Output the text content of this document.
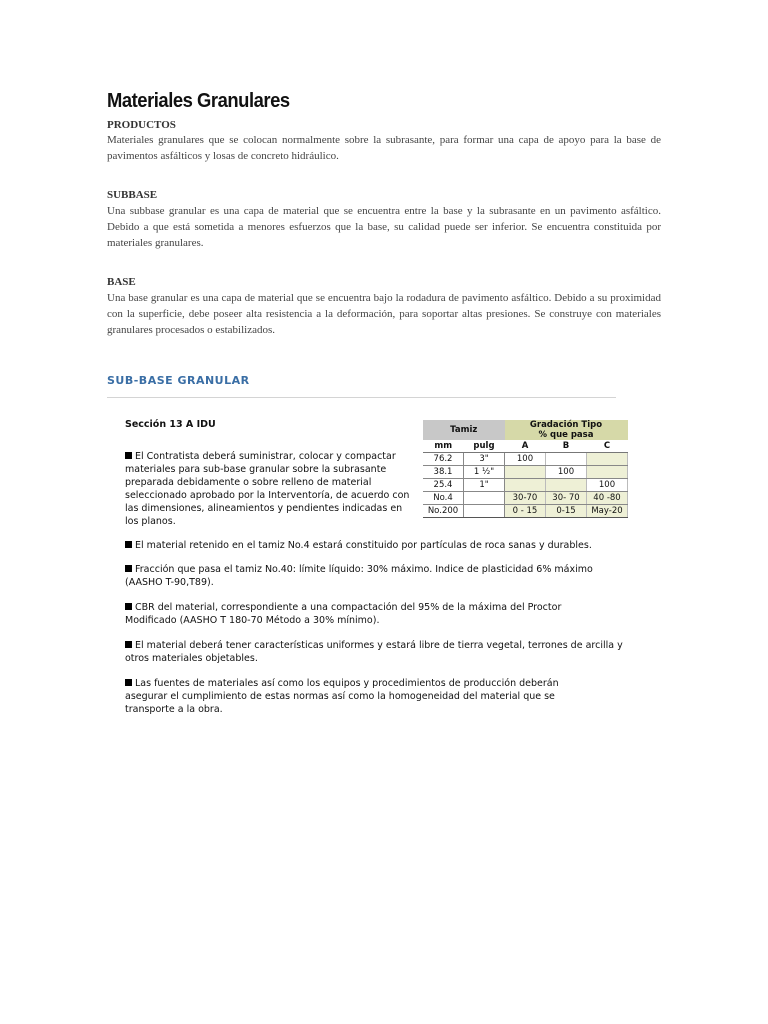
Materiales Granulares
PRODUCTOS

Materiales granulares que se colocan normalmente sobre la subrasante, para formar una capa de apoyo para la base de pavimentos asfálticos y losas de concreto hidráulico.

SUBBASE

Una subbase granular es una capa de material que se encuentra entre la base y la subrasante en un pavimento asfáltico. Debido a que está sometida a menores esfuerzos que la base, su calidad puede ser inferior. Se encuentra constituida por materiales granulares.

BASE

Una base granular es una capa de material que se encuentra bajo la rodadura de pavimento asfáltico. Debido a su proximidad con la superficie, debe poseer alta resistencia a la deformación, para soportar altas presiones. Se construye con materiales granulares procesados o estabilizados.

SUB-BASE GRANULAR
Sección 13 A IDU

El Contratista deberá suministrar, colocar y compactar materiales para sub-base granular sobre la subrasante preparada debidamente o sobre relleno de material seleccionado aprobado por la Interventoría, de acuerdo con las dimensiones, alineamientos y pendientes indicadas en los planos.

El material retenido en el tamiz No.4 estará constituido por partículas de roca sanas y durables.

Fracción que pasa el tamiz No.40: límite líquido: 30% máximo. Indice de plasticidad 6% máximo (AASHO T-90,T89).

CBR del material, correspondiente a una compactación del 95% de la máxima del Proctor Modificado (AASHO T 180-70 Método a 30% mínimo).

El material deberá tener características uniformes y estará libre de tierra vegetal, terrones de arcilla y otros materiales objetables.

Las fuentes de materiales así como los equipos y procedimientos de producción deberán asegurar el cumplimiento de estas normas así como la homogeneidad del material que se transporte a la obra.

Tamiz		Gradación Tipo
% que pasa		

mm	pulg	A	B	C
76.2	3"	100		
38.1	1 ½"		100	
25.4	1"			100
No.4		30-70	30- 70	40 -80
No.200		0 - 15	0-15	May-20
